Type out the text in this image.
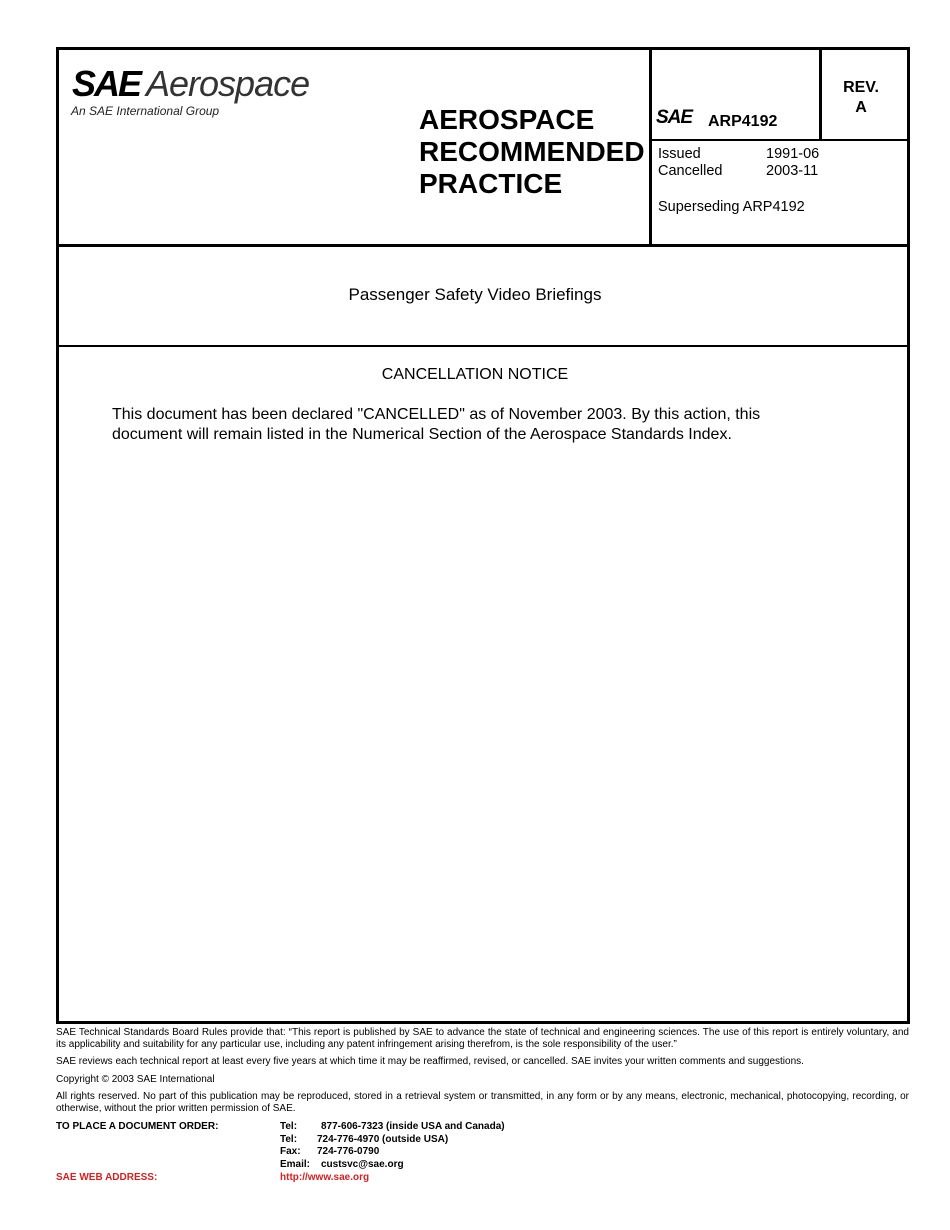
SAE Aerospace
An SAE International Group	AEROSPACE
RECOMMENDED
PRACTICE
SAE ARP4192
REV.
A
Issued	1991-06
Cancelled	2003-11
Superseding ARP4192
Passenger Safety Video Briefings
CANCELLATION NOTICE
This document has been declared "CANCELLED" as of November 2003. By this action, this document will remain listed in the Numerical Section of the Aerospace Standards Index.
SAE Technical Standards Board Rules provide that: “This report is published by SAE to advance the state of technical and engineering sciences. The use of this report is entirely voluntary, and its applicability and suitability for any particular use, including any patent infringement arising therefrom, is the sole responsibility of the user.”
SAE reviews each technical report at least every five years at which time it may be reaffirmed, revised, or cancelled. SAE invites your written comments and suggestions.
Copyright © 2003 SAE International
All rights reserved. No part of this publication may be reproduced, stored in a retrieval system or transmitted, in any form or by any means, electronic, mechanical, photocopying, recording, or otherwise, without the prior written permission of SAE.
TO PLACE A DOCUMENT ORDER:	Tel: 877-606-7323 (inside USA and Canada)
Tel: 724-776-4970 (outside USA)
Fax: 724-776-0790
Email: custsvc@sae.org
SAE WEB ADDRESS:	http://www.sae.org
